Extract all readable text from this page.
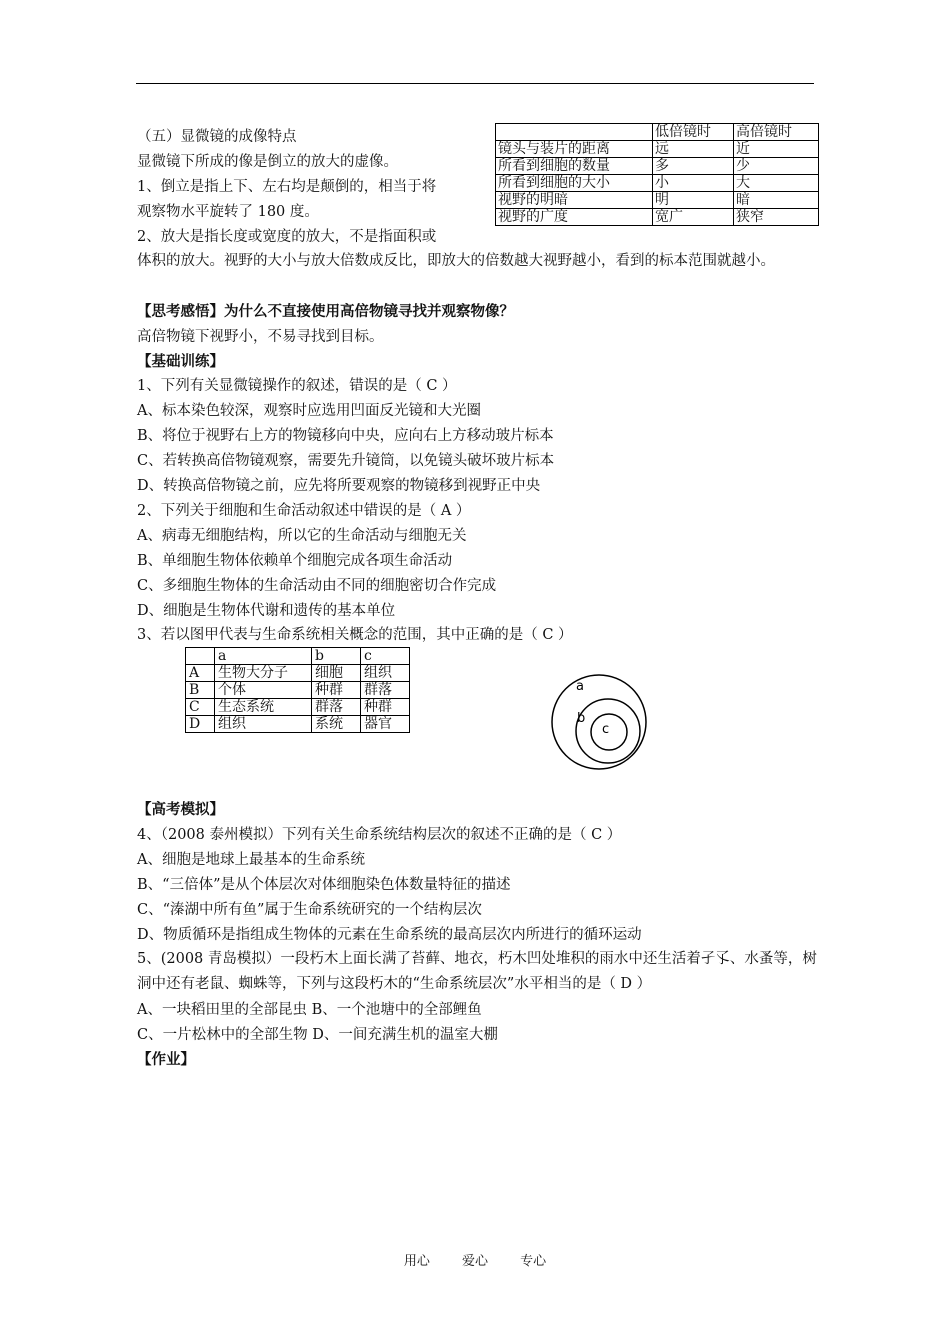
（五）显微镜的成像特点
显微镜下所成的像是倒立的放大的虚像。
1、倒立是指上下、左右均是颠倒的，相当于将
观察物水平旋转了 180 度。
2、放大是指长度或宽度的放大，不是指面积或
体积的放大。视野的大小与放大倍数成反比，即放大的倍数越大视野越小，看到的标本范围就越小。
	低倍镜时	高倍镜时
镜头与装片的距离	远	近
所看到细胞的数量	多	少
所看到细胞的大小	小	大
视野的明暗	明	暗
视野的广度	宽广	狭窄
【思考感悟】为什么不直接使用高倍物镜寻找并观察物像？
高倍物镜下视野小，不易寻找到目标。
【基础训练】
1、下列有关显微镜操作的叙述，错误的是（ C ）
A、标本染色较深，观察时应选用凹面反光镜和大光圈
B、将位于视野右上方的物镜移向中央，应向右上方移动玻片标本
C、若转换高倍物镜观察，需要先升镜筒，以免镜头破坏玻片标本
D、转换高倍物镜之前，应先将所要观察的物镜移到视野正中央
2、下列关于细胞和生命活动叙述中错误的是（ A ）
A、病毒无细胞结构，所以它的生命活动与细胞无关
B、单细胞生物体依赖单个细胞完成各项生命活动
C、多细胞生物体的生命活动由不同的细胞密切合作完成
D、细胞是生物体代谢和遗传的基本单位
3、若以图甲代表与生命系统相关概念的范围，其中正确的是（ C ）
	a	b	c
A	生物大分子	细胞	组织
B	个体	种群	群落
C	生态系统	群落	种群
D	组织	系统	器官
a
b
c
【高考模拟】
4、（2008 泰州模拟）下列有关生命系统结构层次的叙述不正确的是（ C ）
A、细胞是地球上最基本的生命系统
B、“三倍体”是从个体层次对体细胞染色体数量特征的描述
C、“溱湖中所有鱼”属于生命系统研究的一个结构层次
D、物质循环是指组成生物体的元素在生命系统的最高层次内所进行的循环运动
5、(2008 青岛模拟）一段朽木上面长满了苔藓、地衣，朽木凹处堆积的雨水中还生活着孑孓、水蚤等，树洞中还有老鼠、蜘蛛等，下列与这段朽木的“生命系统层次”水平相当的是（ D ）
A、一块稻田里的全部昆虫 B、一个池塘中的全部鲤鱼
C、一片松林中的全部生物 D、一间充满生机的温室大棚
【作业】
用心 爱心 专心
